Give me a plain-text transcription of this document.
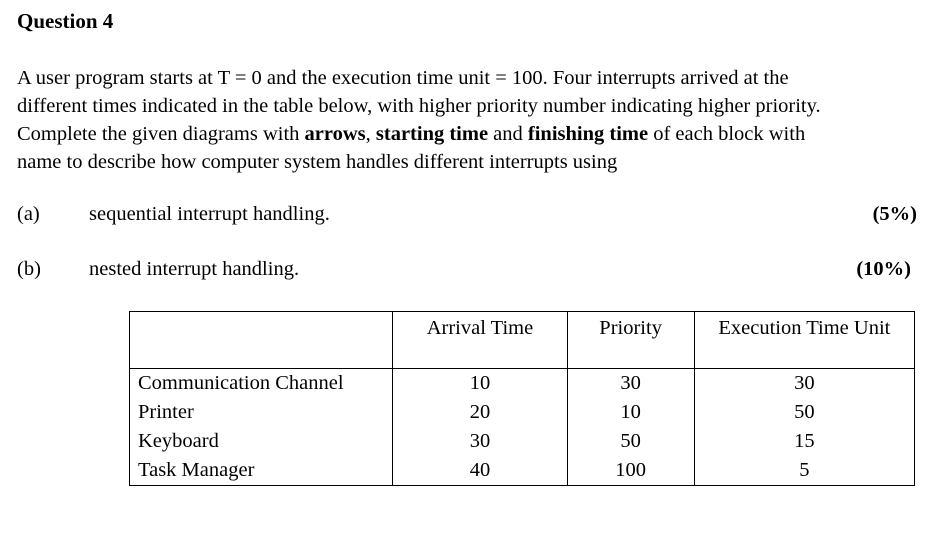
Question 4
A user program starts at T = 0 and the execution time unit = 100. Four interrupts arrived at the
different times indicated in the table below, with higher priority number indicating higher priority.
Complete the given diagrams with arrows, starting time and finishing time of each block with
name to describe how computer system handles different interrupts using
(a) sequential interrupt handling.	(5%)
(b) nested interrupt handling.	(10%)
	Arrival Time	Priority	Execution Time Unit
Communication Channel	10	30	30
Printer	20	10	50
Keyboard	30	50	15
Task Manager	40	100	5
